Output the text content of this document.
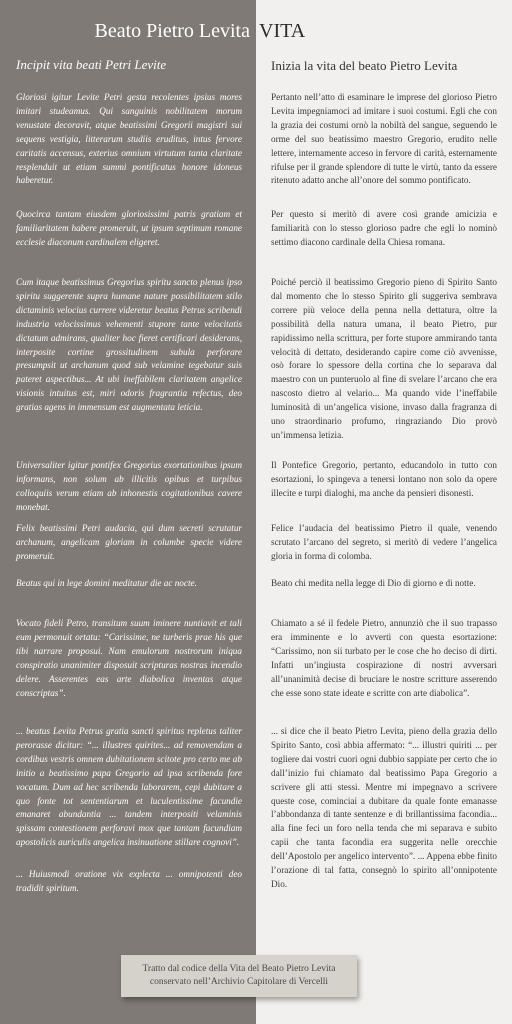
Beato Pietro Levita VITA
Incipit vita beati Petri Levite	Inizia la vita del beato Pietro Levita

Gloriosi igitur Levite Petri gesta recolentes ipsius mores imitari studeamus. Qui sanguinis nobilitatem morum venustate decoravit, atque beatissimi Gregorii magistri sui sequens vestigia, litterarum studiis eruditus, intus fervore caritatis accensus, exterius omnium virtutum tanta claritate resplenduit ut etiam summi pontificatus honore idoneus haberetur.

Quocirca tantam eiusdem gloriosissimi patris gratiam et familiaritatem habere promeruit, ut ipsum septimum romane ecclesie diaconum cardinalem eligeret.

Cum itaque beatissimus Gregorius spiritu sancto plenus ipso spiritu suggerente supra humane nature possibilitatem stilo dictaminis velocius currere videretur beatus Petrus scribendi industria velocissimus vehementi stupore tante velocitatis dictatum admirans, qualiter hoc fieret certificari desiderans, interposite cortine grossitudinem subula perforare presumpsit ut archanum quod sub velamine tegebatur suis pateret aspectibus... At ubi ineffabilem claritatem angelice visionis intuitus est, miri odoris fragrantia refectus, deo gratias agens in immensum est augmentata leticia.

Universaliter igitur pontifex Gregorius exortationibus ipsum informans, non solum ab illicitis opibus et turpibus colloquiis verum etiam ab inhonestis cogitationibus cavere monebat.

Felix beatissimi Petri audacia, qui dum secreti scrutatur archanum, angelicam gloriam in columbe specie videre promeruit.

Beatus qui in lege domini meditatur die ac nocte.

Vocato fideli Petro, transitum suum iminere nuntiavit et tali eum permonuit ortatu: “Carissime, ne turberis prae his que tibi narrare proposui. Nam emulorum nostrorum iniqua conspiratio unanimiter disposuit scripturas nostras incendio delere. Asserentes eas arte diabolica inventas atque conscriptas”.

... beatus Levita Petrus gratia sancti spiritus repletus taliter perorasse dicitur: “... illustres quirites... ad removendam a cordibus vestris omnem dubitationem scitote pro certo me ab initio a beatissimo papa Gregorio ad ipsa scribenda fore vocatum. Dum ad hec scribenda laborarem, cepi dubitare a quo fonte tot sententiarum et luculentissime facundie emanaret abundantia ... tandem interpositi velaminis spissam contestionem perforavi mox que tantam facundiam apostolicis auriculis angelica insinuatione stillare cognovi”.

... Huiusmodi oratione vix explecta ... omnipotenti deo tradidit spiritum.

Pertanto nell’atto di esaminare le imprese del glorioso Pietro Levita impegniamoci ad imitare i suoi costumi. Egli che con la grazia dei costumi ornò la nobiltà del sangue, seguendo le orme del suo beatissimo maestro Gregorio, erudito nelle lettere, internamente acceso in fervore di carità, esternamente rifulse per il grande splendore di tutte le virtù, tanto da essere ritenuto adatto anche all’onore del sommo pontificato.

Per questo si meritò di avere così grande amicizia e familiarità con lo stesso glorioso padre che egli lo nominò settimo diacono cardinale della Chiesa romana.

Poiché perciò il beatissimo Gregorio pieno di Spirito Santo dal momento che lo stesso Spirito gli suggeriva sembrava correre più veloce della penna nella dettatura, oltre la possibilità della natura umana, il beato Pietro, pur rapidissimo nella scrittura, per forte stupore ammirando tanta velocità di dettato, desiderando capire come ciò avvenisse, osò forare lo spessore della cortina che lo separava dal maestro con un punteruolo al fine di svelare l’arcano che era nascosto dietro al velario... Ma quando vide l’ineffabile luminosità di un’angelica visione, invaso dalla fragranza di uno straordinario profumo, ringraziando Dio provò un’immensa letizia.

Il Pontefice Gregorio, pertanto, educandolo in tutto con esortazioni, lo spingeva a tenersi lontano non solo da opere illecite e turpi dialoghi, ma anche da pensieri disonesti.

Felice l’audacia del beatissimo Pietro il quale, venendo scrutato l’arcano del segreto, si meritò di vedere l’angelica gloria in forma di colomba.

Beato chi medita nella legge di Dio di giorno e di notte.

Chiamato a sé il fedele Pietro, annunziò che il suo trapasso era imminente e lo avvertì con questa esortazione: “Carissimo, non sii turbato per le cose che ho deciso di dirti. Infatti un’ingiusta cospirazione di nostri avversari all’unanimità decise di bruciare le nostre scritture asserendo che esse sono state ideate e scritte con arte diabolica”.

... si dice che il beato Pietro Levita, pieno della grazia dello Spirito Santo, così abbia affermato: “... illustri quiriti ... per togliere dai vostri cuori ogni dubbio sappiate per certo che io dall’inizio fui chiamato dal beatissimo Papa Gregorio a scrivere gli atti stessi. Mentre mi impegnavo a scrivere queste cose, cominciai a dubitare da quale fonte emanasse l’abbondanza di tante sentenze e di brillantissima facondia... alla fine feci un foro nella tenda che mi separava e subito capii che tanta facondia era suggerita nelle orecchie dell’Apostolo per angelico intervento”. ... Appena ebbe finito l’orazione di tal fatta, consegnò lo spirito all’onnipotente Dio.

Tratto dal codice della Vita del Beato Pietro Levita
conservato nell’Archivio Capitolare di Vercelli
